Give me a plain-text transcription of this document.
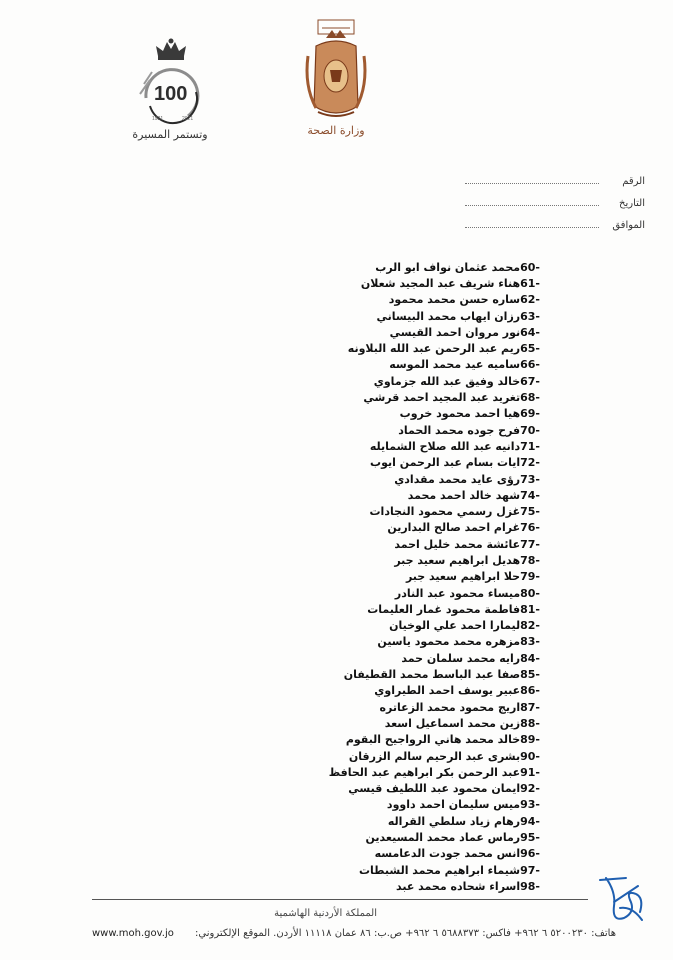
100
1921	2021
وتستمر المسيرة	وزارة الصحة
الرقم
التاريخ
الموافق
محمد عثمان نواف ابو الرب 60-
هناء شريف عبد المجيد شعلان 61-
ساره حسن محمد محمود 62-
رزان ايهاب محمد البيساني 63-
نور مروان احمد القيسي 64-
ريم عبد الرحمن عبد الله البلاونه 65-
ساميه عيد محمد الموسه 66-
خالد وفيق عبد الله جزماوي 67-
تغريد عبد المجيد احمد قرشي 68-
هيا احمد محمود خروب 69-
فرح جوده محمد الحماد 70-
دانيه عبد الله صلاح الشمايله 71-
ايات بسام عبد الرحمن ايوب 72-
رؤى عايد محمد مقدادي 73-
شهد خالد احمد محمد 74-
غزل رسمي محمود النجادات 75-
غرام احمد صالح البدارين 76-
عائشة محمد خليل احمد 77-
هديل ابراهيم سعيد جبر 78-
حلا ابراهيم سعيد جبر 79-
ميساء محمود عبد النادر 80-
فاطمة محمود غمار العليمات 81-
ليمارا احمد علي الوخيان 82-
مزهره محمد محمود ياسين 83-
رايه محمد سلمان حمد 84-
صفا عبد الباسط محمد القطيفان 85-
عبير يوسف احمد الطيراوي 86-
اريج محمود محمد الزعاتره 87-
زين محمد اسماعيل اسعد 88-
خالد محمد هاني الرواجيح البقوم 89-
بشرى عبد الرحيم سالم الزرقان 90-
عبد الرحمن بكر ابراهيم عبد الحافظ 91-
ايمان محمود عبد اللطيف قيسي 92-
ميس سليمان احمد داوود 93-
رهام زياد سلطي القراله 94-
رماس عماد محمد المسيعدين 95-
انس محمد جودت الدعامسه 96-
شيماء ابراهيم محمد الشبطات 97-
اسراء شحاده محمد عبد 98-
المملكة الأردنية الهاشمية
www.moh.gov.jo	هاتف: ٥٢٠٠٢٣٠ ٦ ٩٦٢+ فاكس: ٥٦٨٨٣٧٣ ٦ ٩٦٢+ ص.ب: ٨٦ عمان ١١١١٨ الأردن. الموقع الإلكتروني:
